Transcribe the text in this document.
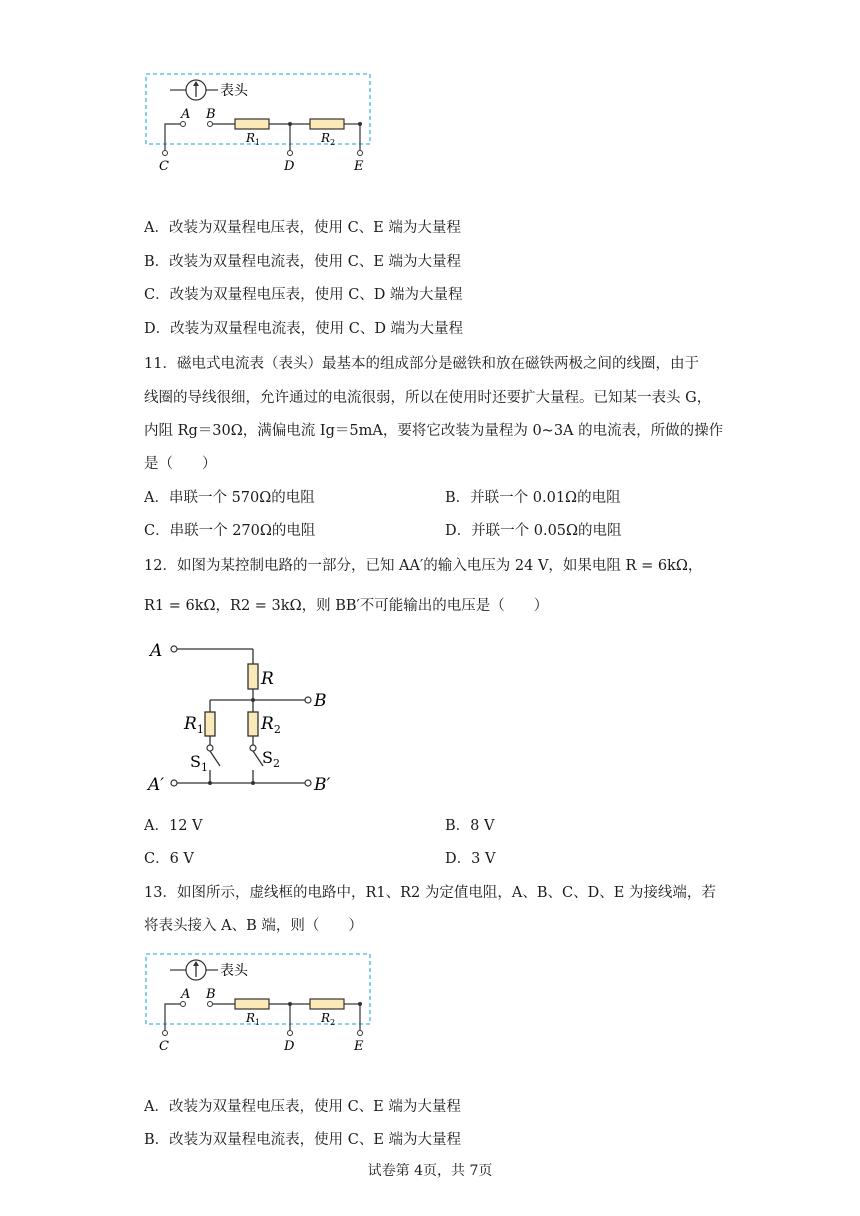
表头
A B
C	D	E
$R_1$	$R_2$
A．改装为双量程电压表，使用 C、E 端为大量程
B．改装为双量程电流表，使用 C、E 端为大量程
C．改装为双量程电压表，使用 C、D 端为大量程
D．改装为双量程电流表，使用 C、D 端为大量程
11．磁电式电流表（表头）最基本的组成部分是磁铁和放在磁铁两极之间的线圈，由于
线圈的导线很细，允许通过的电流很弱，所以在使用时还要扩大量程。已知某一表头 G，
内阻 Rg＝30Ω，满偏电流 Ig＝5mA，要将它改装为量程为 0~3A 的电流表，所做的操作
是（　　）
A．串联一个 570Ω的电阻	B．并联一个 0.01Ω的电阻
C．串联一个 270Ω的电阻	D．并联一个 0.05Ω的电阻
12．如图为某控制电路的一部分，已知 AA′的输入电压为 24 V，如果电阻 R = 6kΩ，
R1 = 6kΩ，R2 = 3kΩ，则 BB′不可能输出的电压是（　　）
A
R
B
$R_1$
$S_1$
$R_2$
$S_2$
A′	B′
A．12 V	B．8 V
C．6 V	D．3 V
13．如图所示，虚线框的电路中，R1、R2 为定值电阻，A、B、C、D、E 为接线端，若
将表头接入 A、B 端，则（　　）
表头
A B
C	D	E
$R_1$	$R_2$
A．改装为双量程电压表，使用 C、E 端为大量程
B．改装为双量程电流表，使用 C、E 端为大量程
试卷第 4页，共 7页
